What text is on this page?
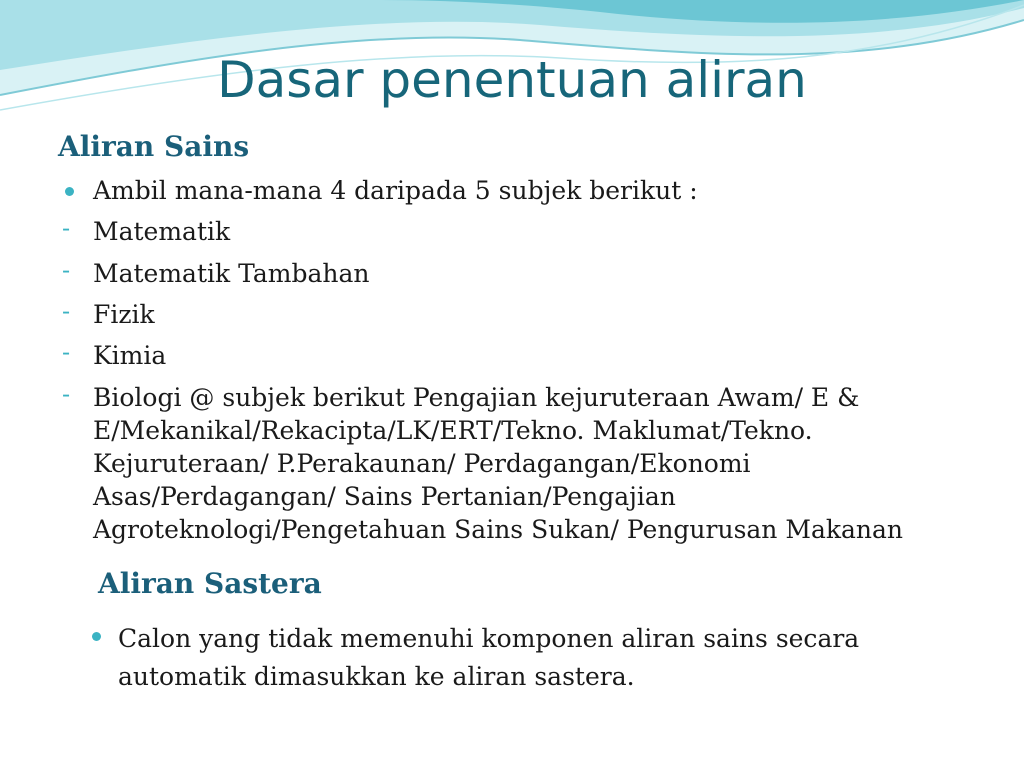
Dasar penentuan aliran
Aliran Sains

Ambil mana-mana 4 daripada 5 subjek berikut :

- Matematik

- Matematik Tambahan

- Fizik

- Kimia

- Biologi @ subjek berikut Pengajian kejuruteraan Awam/ E & E/Mekanikal/Rekacipta/LK/ERT/Tekno. Maklumat/Tekno. Kejuruteraan/ P.Perakaunan/ Perdagangan/Ekonomi Asas/Perdagangan/ Sains Pertanian/Pengajian Agroteknologi/Pengetahuan Sains Sukan/ Pengurusan Makanan

Aliran Sastera

Calon yang tidak memenuhi komponen aliran sains secara automatik dimasukkan ke aliran sastera.
